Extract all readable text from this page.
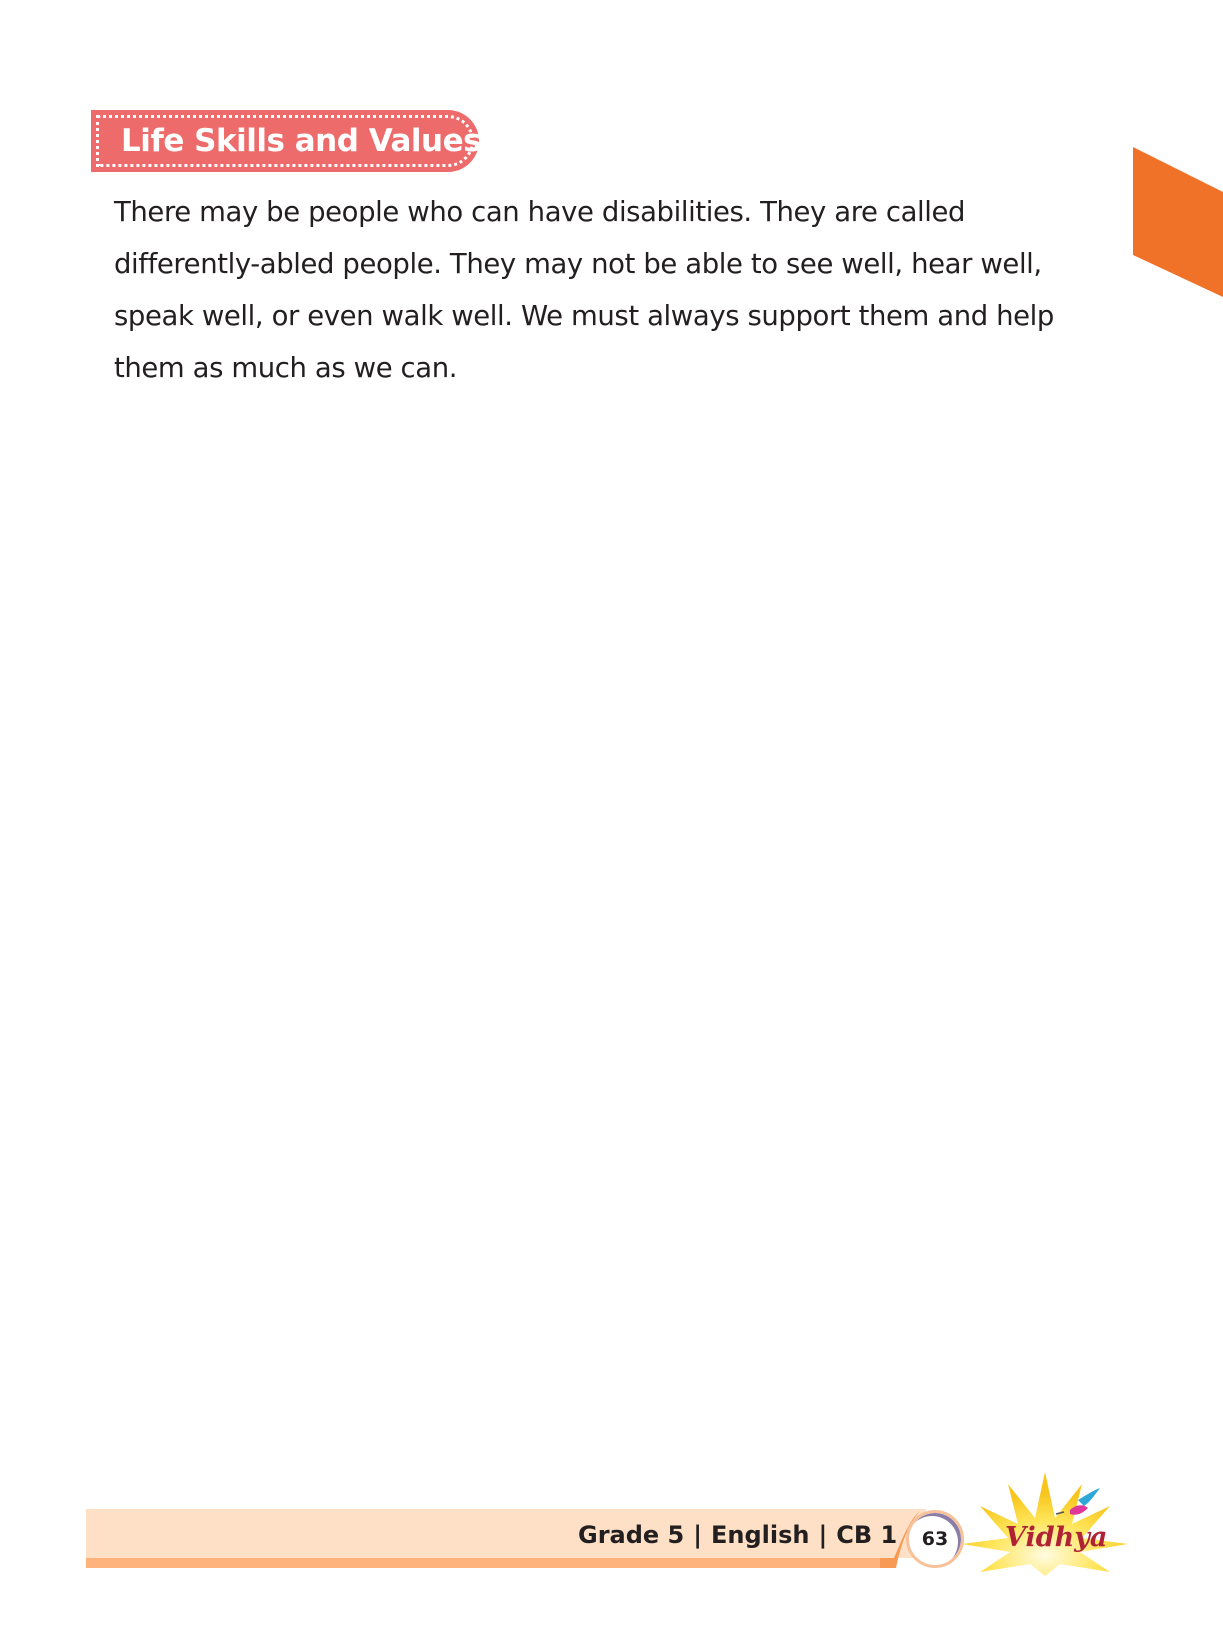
Life Skills and Values
There may be people who can have disabilities. They are called
differently-abled people. They may not be able to see well, hear well,
speak well, or even walk well. We must always support them and help
them as much as we can.
Grade 5 | English | CB 1	63	Vidhya
